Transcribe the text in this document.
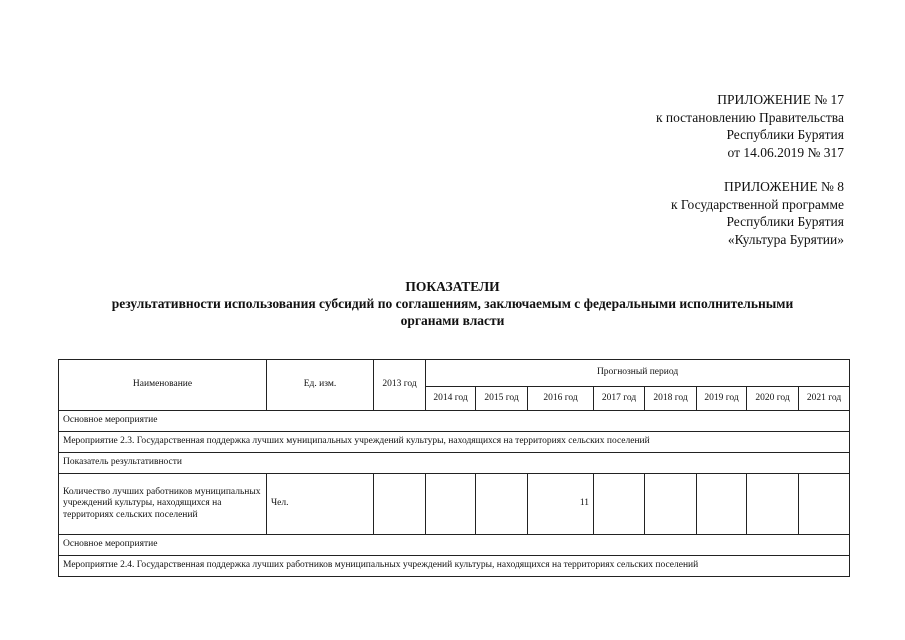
ПРИЛОЖЕНИЕ № 17
к постановлению Правительства
Республики Бурятия
от 14.06.2019 № 317
ПРИЛОЖЕНИЕ № 8
к Государственной программе
Республики Бурятия
«Культура Бурятии»
ПОКАЗАТЕЛИ
результативности использования субсидий по соглашениям, заключаемым с федеральными исполнительными
органами власти
Наименование	Ед. изм.	2013 год	Прогнозный период							
			2014 год	2015 год	2016 год	2017 год	2018 год	2019 год	2020 год	2021 год
Основное мероприятие										
Мероприятие 2.3. Государственная поддержка лучших муниципальных учреждений культуры, находящихся на территориях сельских поселений										
Показатель результативности										
Количество лучших работников муниципальных учреждений культуры, находящихся на территориях сельских поселений	Чел.				11					
Основное мероприятие										
Мероприятие 2.4. Государственная поддержка лучших работников муниципальных учреждений культуры, находящихся на территориях сельских поселений										
